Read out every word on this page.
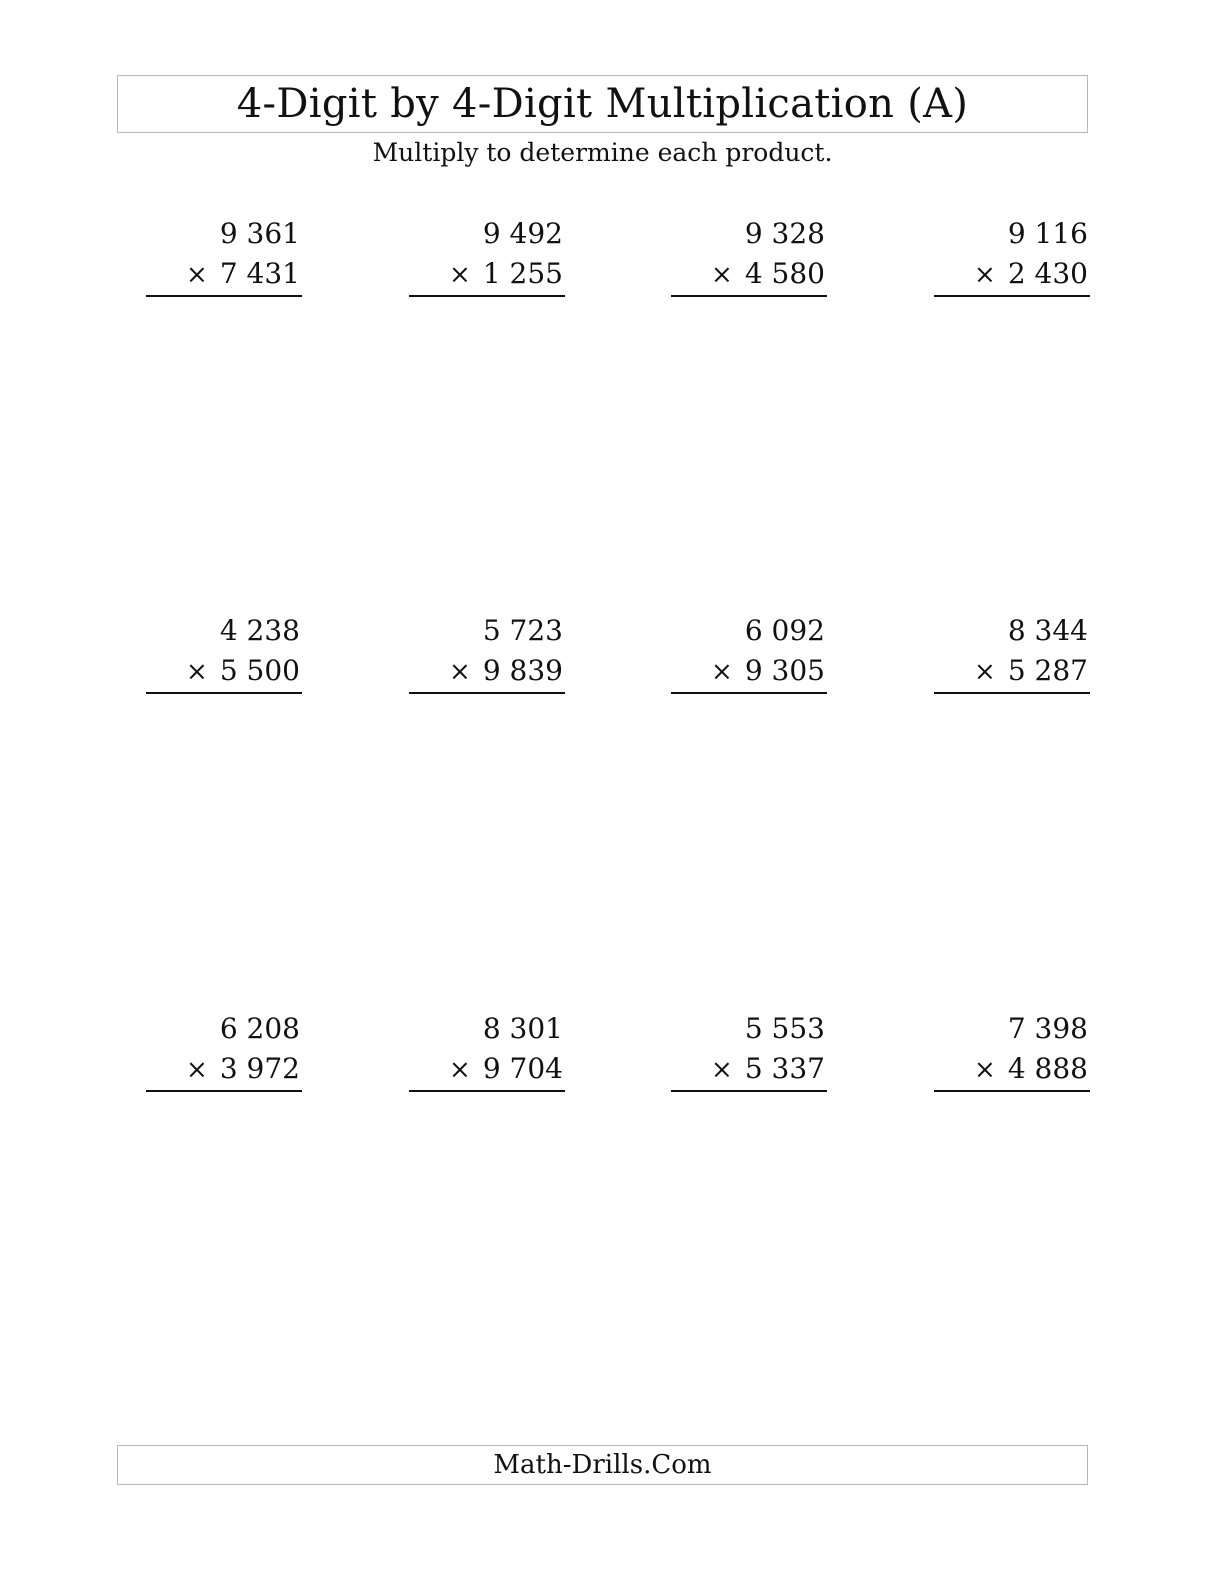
4-Digit by 4-Digit Multiplication (A)
Multiply to determine each product.
9 361
× 7 431
9 492
× 1 255
9 328
× 4 580
9 116
× 2 430
4 238
× 5 500
5 723
× 9 839
6 092
× 9 305
8 344
× 5 287
6 208
× 3 972
8 301
× 9 704
5 553
× 5 337
7 398
× 4 888
Math-Drills.Com
